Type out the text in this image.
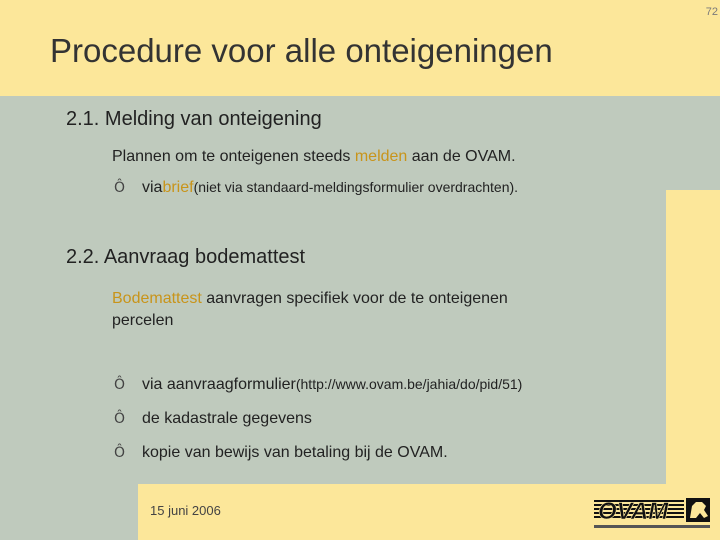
72
Procedure voor alle onteigeningen
2.1. Melding van onteigening
Plannen om te onteigenen steeds melden aan de OVAM.
Ô	via brief (niet via standaard-meldingsformulier overdrachten).
2.2. Aanvraag bodemattest
Bodemattest aanvragen specifiek voor de te onteigenen
percelen
Ô	via aanvraagformulier (http://www.ovam.be/jahia/do/pid/51)
Ô	de kadastrale gegevens
Ô	kopie van bewijs van betaling bij de OVAM.
15 juni 2006	OVAM
